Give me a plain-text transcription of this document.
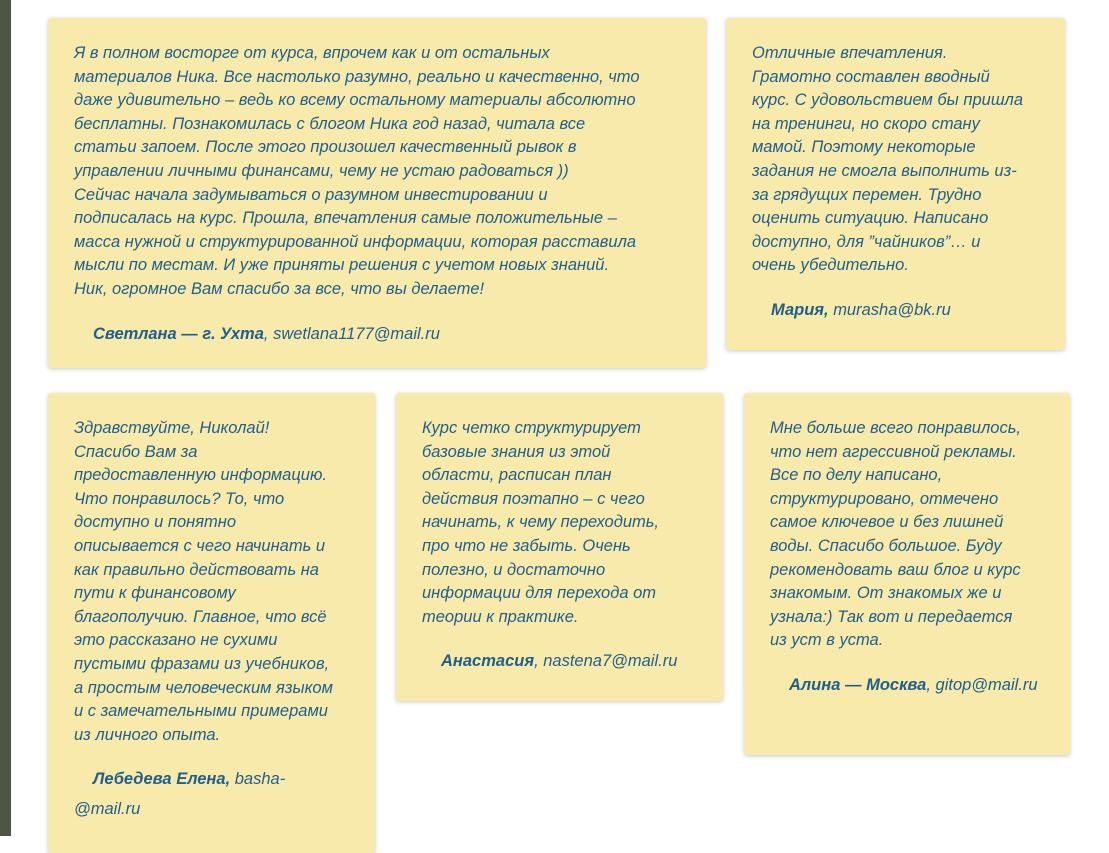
Я в полном восторге от курса, впрочем как и от остальных
материалов Ника. Все настолько разумно, реально и качественно, что
даже удивительно – ведь ко всему остальному материалы абсолютно
бесплатны. Познакомилась с блогом Ника год назад, читала все
статьи запоем. После этого произошел качественный рывок в
управлении личными финансами, чему не устаю радоваться ))
Сейчас начала задумываться о разумном инвестировании и
подписалась на курс. Прошла, впечатления самые положительные –
масса нужной и структурированной информации, которая расставила
мысли по местам. И уже приняты решения с учетом новых знаний.
Ник, огромное Вам спасибо за все, что вы делаете!

Светлана — г. Ухта, swetlana1177@mail.ru

Отличные впечатления.
Грамотно составлен вводный
курс. С удовольствием бы пришла
на тренинги, но скоро стану
мамой. Поэтому некоторые
задания не смогла выполнить из-
за грядущих перемен. Трудно
оценить ситуацию. Написано
доступно, для ”чайников”… и
очень убедительно.

Мария, murasha@bk.ru

Здравствуйте, Николай!
Спасибо Вам за
предоставленную информацию.
Что понравилось? То, что
доступно и понятно
описывается с чего начинать и
как правильно действовать на
пути к финансовому
благополучию. Главное, что всё
это рассказано не сухими
пустыми фразами из учебников,
а простым человеческим языком
и с замечательными примерами
из личного опыта.

Лебедева Елена, basha-@mail.ru

Курс четко структурирует
базовые знания из этой
области, расписан план
действия поэтапно – с чего
начинать, к чему переходить,
про что не забыть. Очень
полезно, и достаточно
информации для перехода от
теории к практике.

Анастасия, nastena7@mail.ru

Мне больше всего понравилось,
что нет агрессивной рекламы.
Все по делу написано,
структурировано, отмечено
самое ключевое и без лишней
воды. Спасибо большое. Буду
рекомендовать ваш блог и курс
знакомым. От знакомых же и
узнала:) Так вот и передается
из уст в уста.

Алина — Москва, gitop@mail.ru
